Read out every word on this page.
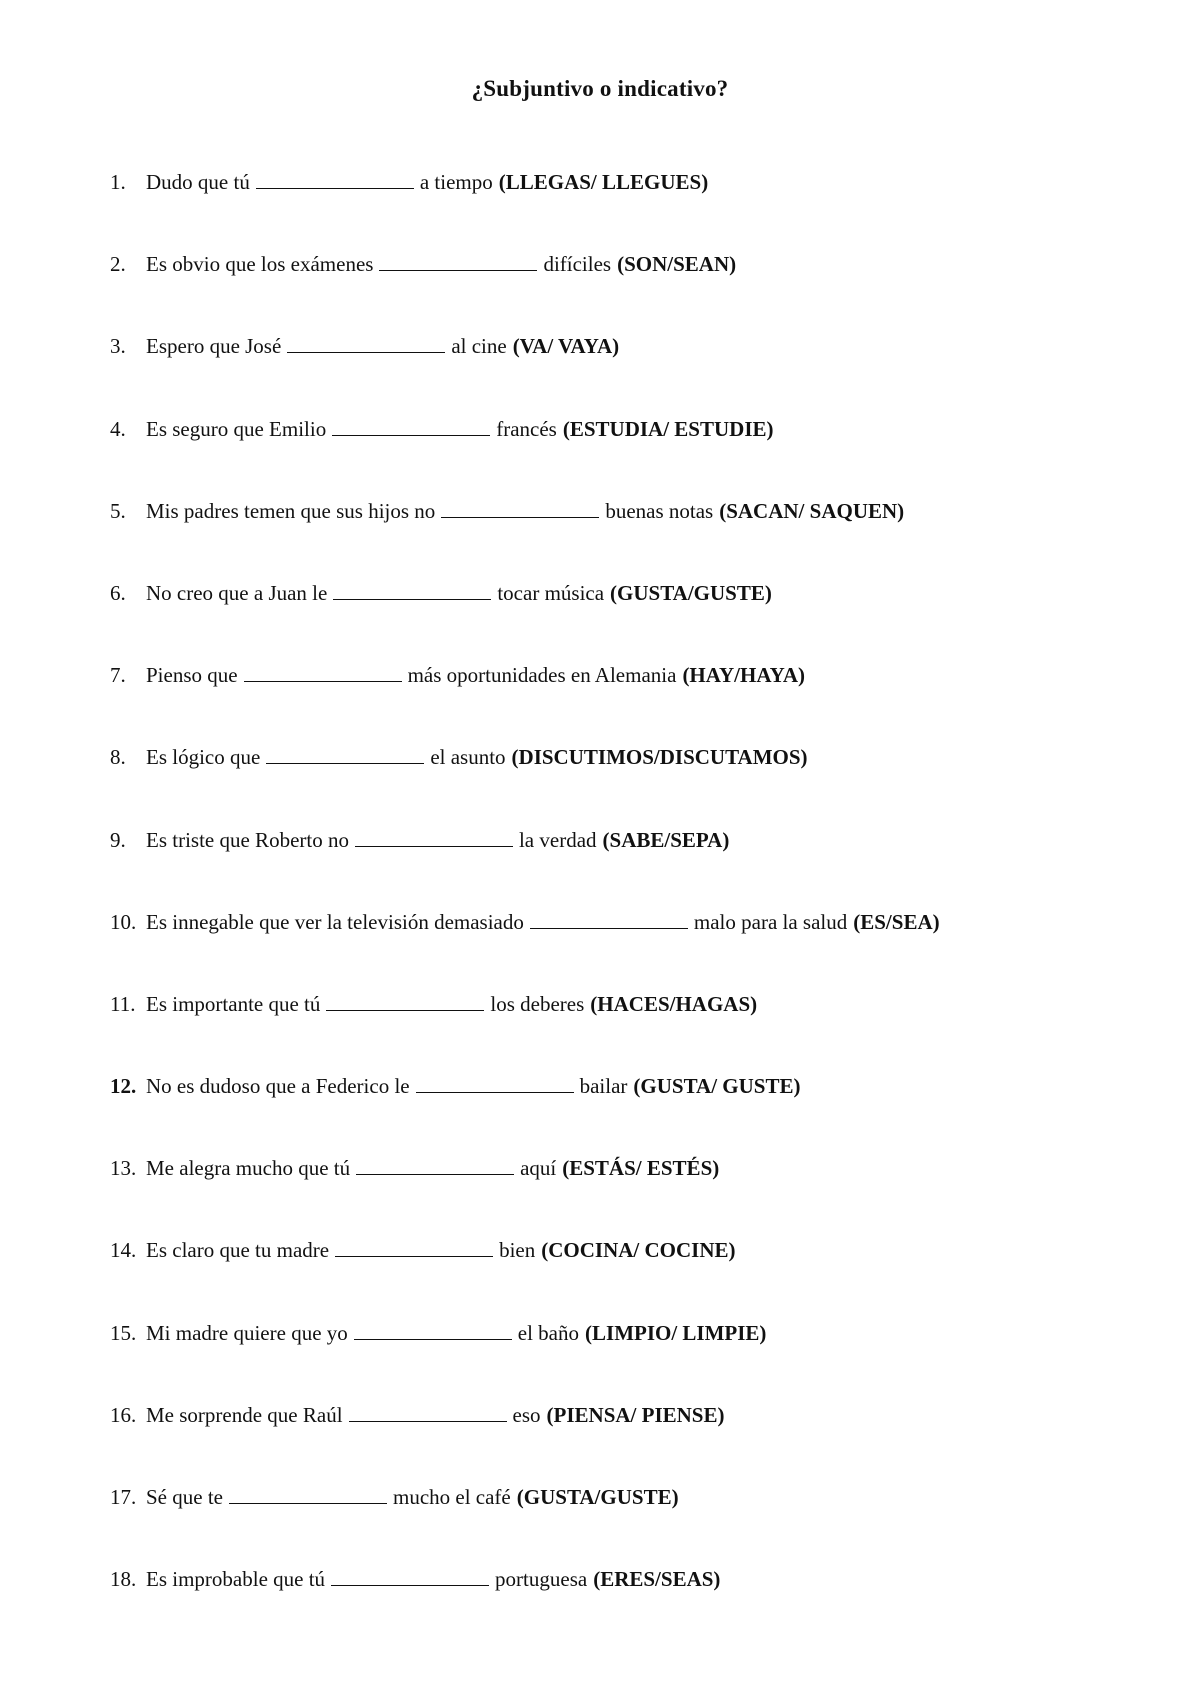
¿Subjuntivo o indicativo?
1. Dudo que tú	a tiempo (LLEGAS/ LLEGUES)
2. Es obvio que los exámenes	difíciles (SON/SEAN)
3. Espero que José	al cine (VA/ VAYA)
4. Es seguro que Emilio	francés (ESTUDIA/ ESTUDIE)
5. Mis padres temen que sus hijos no	buenas notas (SACAN/ SAQUEN)
6. No creo que a Juan le	tocar música (GUSTA/GUSTE)
7. Pienso que	más oportunidades en Alemania (HAY/HAYA)
8. Es lógico que	el asunto (DISCUTIMOS/DISCUTAMOS)
9. Es triste que Roberto no	la verdad (SABE/SEPA)
10. Es innegable que ver la televisión demasiado	malo para la salud (ES/SEA)
11. Es importante que tú	los deberes (HACES/HAGAS)
12. No es dudoso que a Federico le	bailar (GUSTA/ GUSTE)
13. Me alegra mucho que tú	aquí (ESTÁS/ ESTÉS)
14. Es claro que tu madre	bien (COCINA/ COCINE)
15. Mi madre quiere que yo	el baño (LIMPIO/ LIMPIE)
16. Me sorprende que Raúl	eso (PIENSA/ PIENSE)
17. Sé que te	mucho el café (GUSTA/GUSTE)
18. Es improbable que tú	portuguesa (ERES/SEAS)
